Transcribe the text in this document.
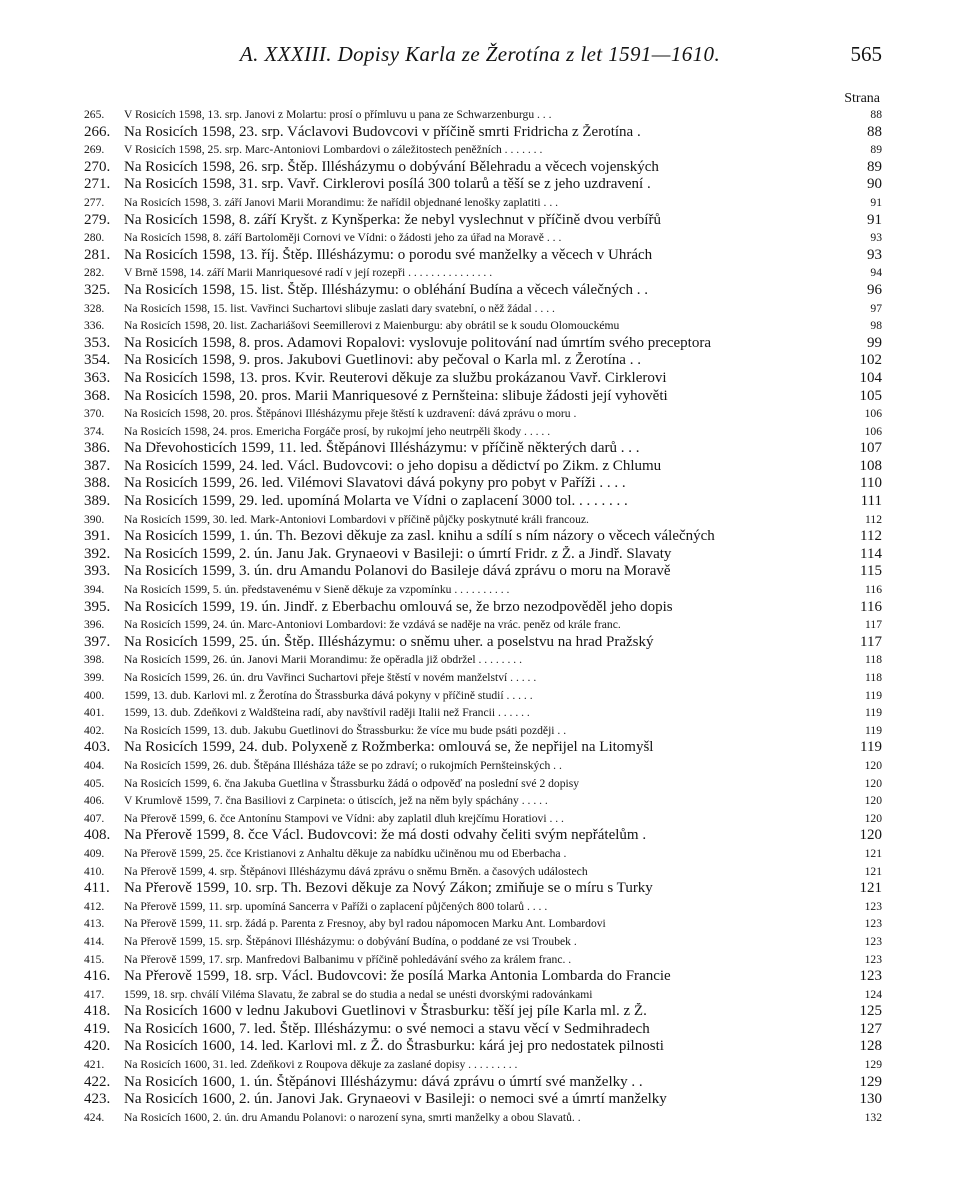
A. XXXIII. Dopisy Karla ze Žerotína z let 1591—1610.	565
Strana
265.	V Rosicích 1598, 13. srp. Janovi z Molartu: prosí o přímluvu u pana ze Schwarzenburgu . . .	88
266. Na Rosicích 1598, 23. srp. Václavovi Budovcovi v příčině smrti Fridricha z Žerotína .	88
269.	V Rosicích 1598, 25. srp. Marc-Antoniovi Lombardovi o záležitostech peněžních . . . . . . .	89
270. Na Rosicích 1598, 26. srp. Štěp. Illésházymu o dobývání Bělehradu a věcech vojenských	89
271. Na Rosicích 1598, 31. srp. Vavř. Cirklerovi posílá 300 tolarů a těší se z jeho uzdravení .	90
277.	Na Rosicích 1598, 3. září Janovi Marii Morandimu: že nařídil objednané lenošky zaplatiti . . .	91
279. Na Rosicích 1598, 8. září Kryšt. z Kynšperka: že nebyl vyslechnut v příčině dvou verbířů	91
280.	Na Rosicích 1598, 8. září Bartoloměji Cornovi ve Vídni: o žádosti jeho za úřad na Moravě . . .	93
281. Na Rosicích 1598, 13. říj. Štěp. Illésházymu: o porodu své manželky a věcech v Uhrách	93
282.	V Brně 1598, 14. září Marii Manriquesové radí v její rozepři . . . . . . . . . . . . . . .	94
325. Na Rosicích 1598, 15. list. Štěp. Illésházymu: o obléhání Budína a věcech válečných . .	96
328.	Na Rosicích 1598, 15. list. Vavřinci Suchartovi slibuje zaslati dary svatební, o něž žádal . . . .	97
336.	Na Rosicích 1598, 20. list. Zachariášovi Seemillerovi z Maienburgu: aby obrátil se k soudu Olomouckému	98
353. Na Rosicích 1598, 8. pros. Adamovi Ropalovi: vyslovuje politování nad úmrtím svého preceptora	99
354. Na Rosicích 1598, 9. pros. Jakubovi Guetlinovi: aby pečoval o Karla ml. z Žerotína . .	102
363. Na Rosicích 1598, 13. pros. Kvir. Reuterovi děkuje za službu prokázanou Vavř. Cirklerovi	104
368. Na Rosicích 1598, 20. pros. Marii Manriquesové z Pernšteina: slibuje žádosti její vyhověti	105
370.	Na Rosicích 1598, 20. pros. Štěpánovi Illésházymu přeje štěstí k uzdravení: dává zprávu o moru .	106
374.	Na Rosicích 1598, 24. pros. Emericha Forgáče prosí, by rukojmí jeho neutrpěli škody . . . . .	106
386. Na Dřevohosticích 1599, 11. led. Štěpánovi Illésházymu: v příčině některých darů . . .	107
387. Na Rosicích 1599, 24. led. Václ. Budovcovi: o jeho dopisu a dědictví po Zikm. z Chlumu	108
388. Na Rosicích 1599, 26. led. Vilémovi Slavatovi dává pokyny pro pobyt v Paříži . . . .	110
389. Na Rosicích 1599, 29. led. upomíná Molarta ve Vídni o zaplacení 3000 tol. . . . . . . .	111
390.	Na Rosicích 1599, 30. led. Mark-Antoniovi Lombardovi v příčině půjčky poskytnuté králi francouz.	112
391. Na Rosicích 1599, 1. ún. Th. Bezovi děkuje za zasl. knihu a sdílí s ním názory o věcech válečných	112
392. Na Rosicích 1599, 2. ún. Janu Jak. Grynaeovi v Basileji: o úmrtí Fridr. z Ž. a Jindř. Slavaty	114
393. Na Rosicích 1599, 3. ún. dru Amandu Polanovi do Basileje dává zprávu o moru na Moravě	115
394.	Na Rosicích 1599, 5. ún. představenému v Sieně děkuje za vzpomínku . . . . . . . . . .	116
395. Na Rosicích 1599, 19. ún. Jindř. z Eberbachu omlouvá se, že brzo nezodpověděl jeho dopis	116
396.	Na Rosicích 1599, 24. ún. Marc-Antoniovi Lombardovi: že vzdává se naděje na vrác. peněz od krále franc.	117
397. Na Rosicích 1599, 25. ún. Štěp. Illésházymu: o sněmu uher. a poselstvu na hrad Pražský	117
398.	Na Rosicích 1599, 26. ún. Janovi Marii Morandimu: že opěradla již obdržel . . . . . . . .	118
399.	Na Rosicích 1599, 26. ún. dru Vavřinci Suchartovi přeje štěstí v novém manželství . . . . .	118
400.	1599, 13. dub. Karlovi ml. z Žerotína do Štrassburka dává pokyny v příčině studií . . . . .	119
401.	1599, 13. dub. Zdeňkovi z Waldšteina radí, aby navštívil raději Italii než Francii . . . . . .	119
402.	Na Rosicích 1599, 13. dub. Jakubu Guetlinovi do Štrassburku: že více mu bude psáti později . .	119
403. Na Rosicích 1599, 24. dub. Polyxeně z Rožmberka: omlouvá se, že nepřijel na Litomyšl	119
404.	Na Rosicích 1599, 26. dub. Štěpána Illésháza táže se po zdraví; o rukojmích Pernšteinských . .	120
405.	Na Rosicích 1599, 6. čna Jakuba Guetlina v Štrassburku žádá o odpověď na poslední své 2 dopisy	120
406.	V Krumlově 1599, 7. čna Basiliovi z Carpineta: o útiscích, jež na něm byly spáchány . . . . .	120
407.	Na Přerově 1599, 6. čce Antonínu Stampovi ve Vídni: aby zaplatil dluh krejčímu Horatiovi . . .	120
408. Na Přerově 1599, 8. čce Václ. Budovcovi: že má dosti odvahy čeliti svým nepřátelům .	120
409.	Na Přerově 1599, 25. čce Kristianovi z Anhaltu děkuje za nabídku učiněnou mu od Eberbacha .	121
410.	Na Přerově 1599, 4. srp. Štěpánovi Illésházymu dává zprávu o sněmu Brněn. a časových událostech	121
411. Na Přerově 1599, 10. srp. Th. Bezovi děkuje za Nový Zákon; zmiňuje se o míru s Turky	121
412.	Na Přerově 1599, 11. srp. upomíná Sancerra v Paříži o zaplacení půjčených 800 tolarů . . . .	123
413.	Na Přerově 1599, 11. srp. žádá p. Parenta z Fresnoy, aby byl radou nápomocen Marku Ant. Lombardovi	123
414.	Na Přerově 1599, 15. srp. Štěpánovi Illésházymu: o dobývání Budína, o poddané ze vsi Troubek .	123
415.	Na Přerově 1599, 17. srp. Manfredovi Balbanimu v příčině pohledávání svého za králem franc. .	123
416. Na Přerově 1599, 18. srp. Václ. Budovcovi: že posílá Marka Antonia Lombarda do Francie	123
417.	1599, 18. srp. chválí Viléma Slavatu, že zabral se do studia a nedal se unésti dvorskými radovánkami	124
418. Na Rosicích 1600 v lednu Jakubovi Guetlinovi v Štrasburku: těší jej píle Karla ml. z Ž.	125
419. Na Rosicích 1600, 7. led. Štěp. Illésházymu: o své nemoci a stavu věcí v Sedmihradech	127
420. Na Rosicích 1600, 14. led. Karlovi ml. z Ž. do Štrasburku: kárá jej pro nedostatek pilnosti	128
421.	Na Rosicích 1600, 31. led. Zdeňkovi z Roupova děkuje za zaslané dopisy . . . . . . . . .	129
422. Na Rosicích 1600, 1. ún. Štěpánovi Illésházymu: dává zprávu o úmrtí své manželky . .	129
423. Na Rosicích 1600, 2. ún. Janovi Jak. Grynaeovi v Basileji: o nemoci své a úmrtí manželky	130
424.	Na Rosicích 1600, 2. ún. dru Amandu Polanovi: o narození syna, smrti manželky a obou Slavatů. .	132
